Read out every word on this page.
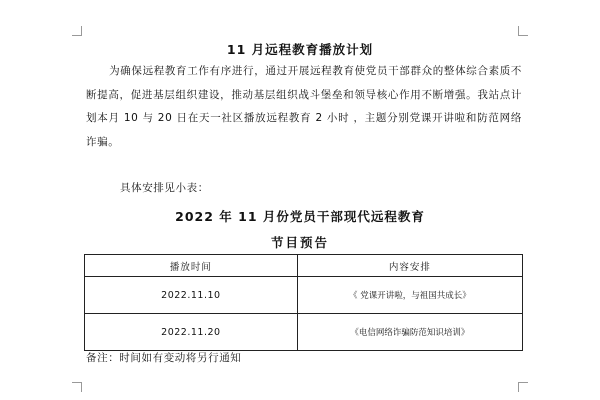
11 月远程教育播放计划
为确保远程教育工作有序进行，通过开展远程教育使党员干部群众的整体综合素质不断提高，促进基层组织建设，推动基层组织战斗堡垒和领导核心作用不断增强。我站点计划本月 10 与 20 日在天一社区播放远程教育 2 小时 ，主题分别党课开讲啦和防范网络诈骗。
具体安排见小表：
2022 年 11 月份党员干部现代远程教育
节目预告
播放时间	内容安排
2022.11.10	《 党课开讲啦，与祖国共成长》
2022.11.20	《电信网络诈骗防范知识培训》
备注：时间如有变动将另行通知
